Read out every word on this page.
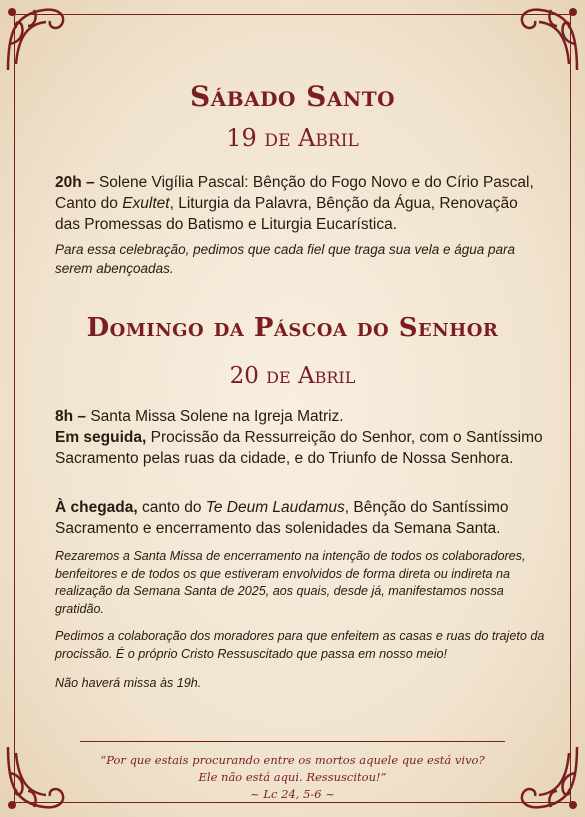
Sábado Santo
19 de Abril
20h – Solene Vigília Pascal: Bênção do Fogo Novo e do Círio Pascal, Canto do Exultet, Liturgia da Palavra, Bênção da Água, Renovação das Promessas do Batismo e Liturgia Eucarística.
Para essa celebração, pedimos que cada fiel que traga sua vela e água para serem abençoadas.
Domingo da Páscoa do Senhor
20 de Abril
8h – Santa Missa Solene na Igreja Matriz.
Em seguida, Procissão da Ressurreição do Senhor, com o Santíssimo Sacramento pelas ruas da cidade, e do Triunfo de Nossa Senhora.
À chegada, canto do Te Deum Laudamus, Bênção do Santíssimo Sacramento e encerramento das solenidades da Semana Santa.
Rezaremos a Santa Missa de encerramento na intenção de todos os colaboradores, benfeitores e de todos os que estiveram envolvidos de forma direta ou indireta na realização da Semana Santa de 2025, aos quais, desde já, manifestamos nossa gratidão.
Pedimos a colaboração dos moradores para que enfeitem as casas e ruas do trajeto da procissão. É o próprio Cristo Ressuscitado que passa em nosso meio!
Não haverá missa às 19h.
“Por que estais procurando entre os mortos aquele que está vivo?
Ele não está aqui. Ressuscitou!”
~ Lc 24, 5-6 ~
